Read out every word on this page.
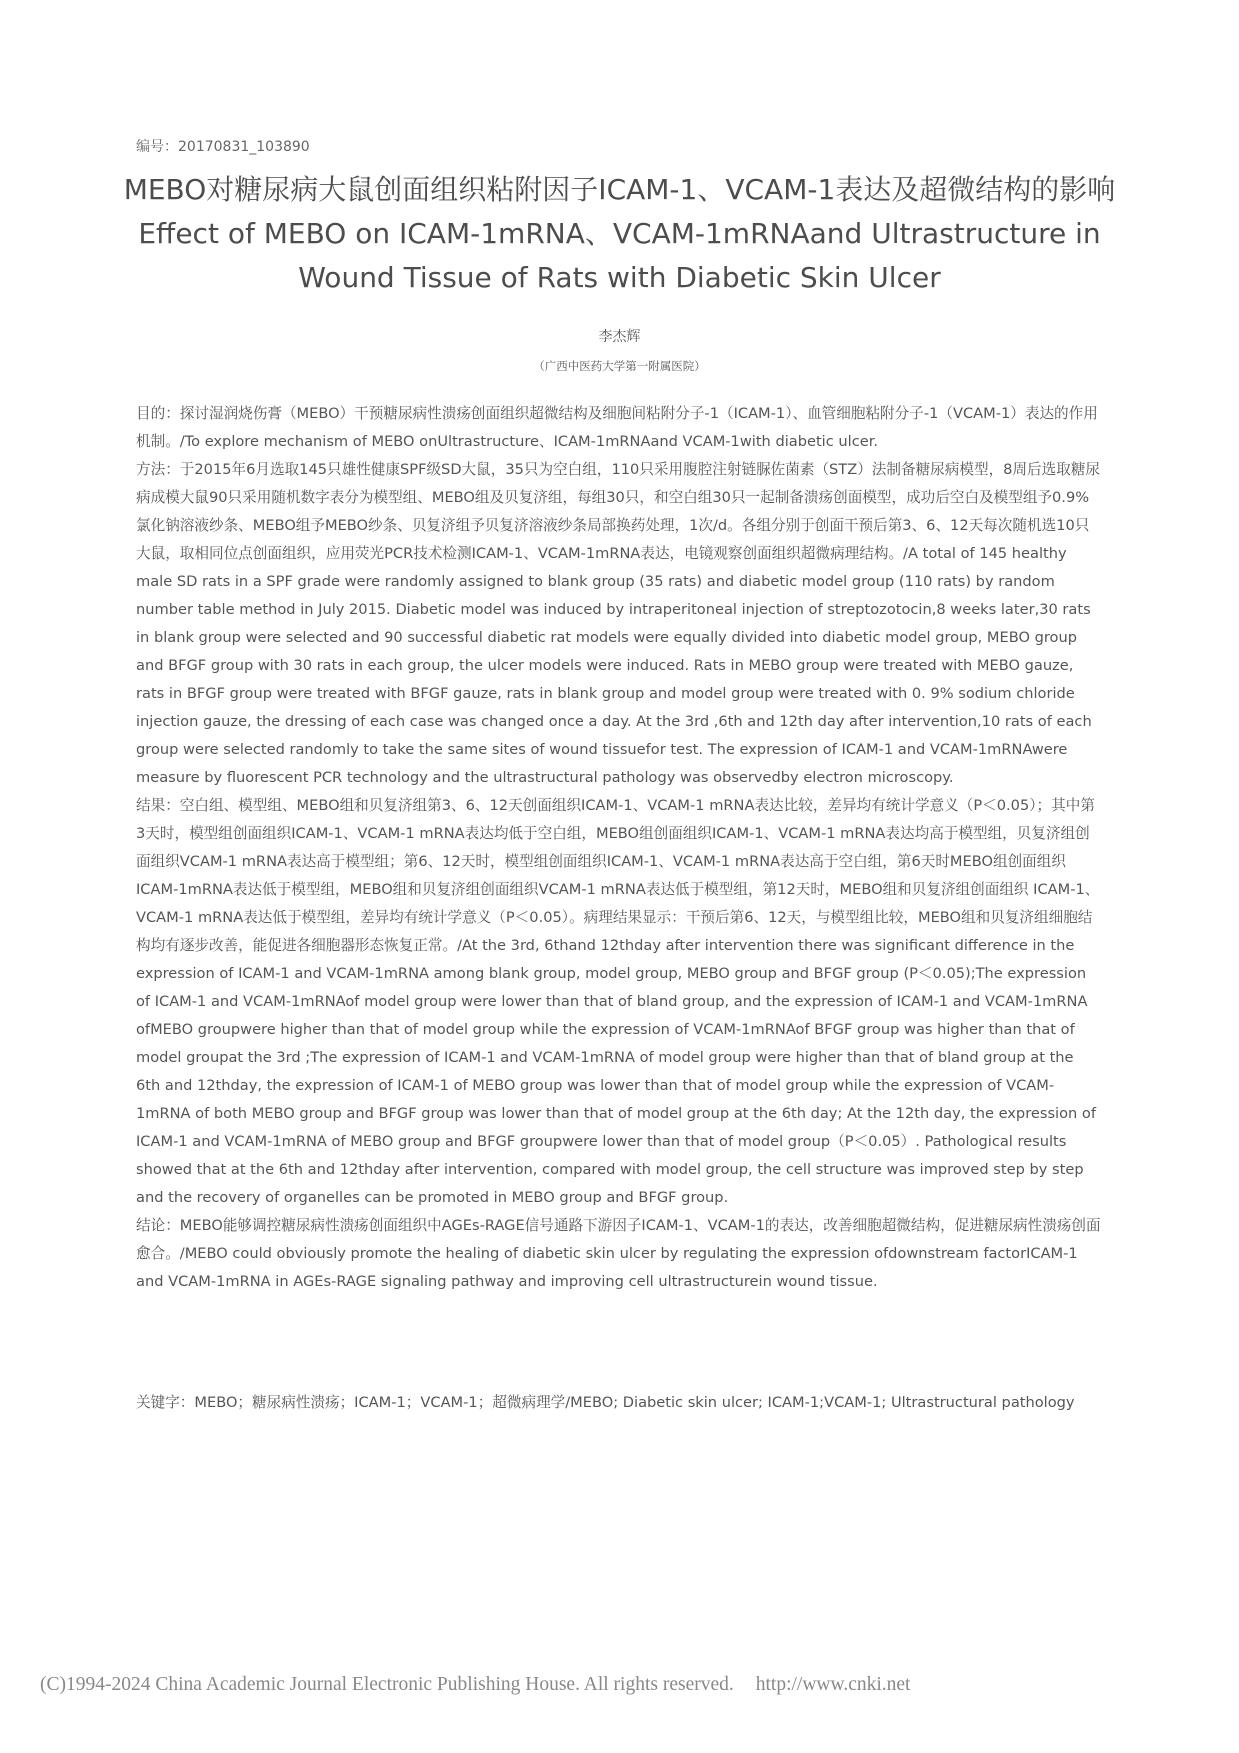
编号：20170831_103890
MEBO对糖尿病大鼠创面组织粘附因子ICAM-1、VCAM-1表达及超微结构的影响 Effect of MEBO on ICAM-1mRNA、VCAM-1mRNAand Ultrastructure in Wound Tissue of Rats with Diabetic Skin Ulcer
李杰辉
（广西中医药大学第一附属医院）

目的：探讨湿润烧伤膏（MEBO）干预糖尿病性溃疡创面组织超微结构及细胞间粘附分子-1（ICAM-1）、血管细胞粘附分子-1（VCAM-1）表达的作用机制。/To explore mechanism of MEBO onUltrastructure、ICAM-1mRNAand VCAM-1with diabetic ulcer.

方法：于2015年6月选取145只雄性健康SPF级SD大鼠，35只为空白组，110只采用腹腔注射链脲佐菌素（STZ）法制备糖尿病模型，8周后选取糖尿病成模大鼠90只采用随机数字表分为模型组、MEBO组及贝复济组，每组30只，和空白组30只一起制备溃疡创面模型，成功后空白及模型组予0.9%氯化钠溶液纱条、MEBO组予MEBO纱条、贝复济组予贝复济溶液纱条局部换药处理，1次/d。各组分别于创面干预后第3、6、12天每次随机选10只大鼠，取相同位点创面组织，应用荧光PCR技术检测ICAM-1、VCAM-1mRNA表达，电镜观察创面组织超微病理结构。/A total of 145 healthy male SD rats in a SPF grade were randomly assigned to blank group (35 rats) and diabetic model group (110 rats) by random number table method in July 2015. Diabetic model was induced by intraperitoneal injection of streptozotocin,8 weeks later,30 rats in blank group were selected and 90 successful diabetic rat models were equally divided into diabetic model group, MEBO group and BFGF group with 30 rats in each group, the ulcer models were induced. Rats in MEBO group were treated with MEBO gauze, rats in BFGF group were treated with BFGF gauze, rats in blank group and model group were treated with 0. 9% sodium chloride injection gauze, the dressing of each case was changed once a day. At the 3rd ,6th and 12th day after intervention,10 rats of each group were selected randomly to take the same sites of wound tissuefor test. The expression of ICAM-1 and VCAM-1mRNAwere measure by fluorescent PCR technology and the ultrastructural pathology was observedby electron microscopy.

结果：空白组、模型组、MEBO组和贝复济组第3、6、12天创面组织ICAM-1、VCAM-1 mRNA表达比较，差异均有统计学意义（P＜0.05）；其中第3天时，模型组创面组织ICAM-1、VCAM-1 mRNA表达均低于空白组，MEBO组创面组织ICAM-1、VCAM-1 mRNA表达均高于模型组，贝复济组创面组织VCAM-1 mRNA表达高于模型组；第6、12天时，模型组创面组织ICAM-1、VCAM-1 mRNA表达高于空白组，第6天时MEBO组创面组织ICAM-1mRNA表达低于模型组，MEBO组和贝复济组创面组织VCAM-1 mRNA表达低于模型组，第12天时，MEBO组和贝复济组创面组织 ICAM-1、VCAM-1 mRNA表达低于模型组，差异均有统计学意义（P＜0.05）。病理结果显示：干预后第6、12天，与模型组比较，MEBO组和贝复济组细胞结构均有逐步改善，能促进各细胞器形态恢复正常。/At the 3rd, 6thand 12thday after intervention there was significant difference in the expression of ICAM-1 and VCAM-1mRNA among blank group, model group, MEBO group and BFGF group (P＜0.05);The expression of ICAM-1 and VCAM-1mRNAof model group were lower than that of bland group, and the expression of ICAM-1 and VCAM-1mRNA ofMEBO groupwere higher than that of model group while the expression of VCAM-1mRNAof BFGF group was higher than that of model groupat the 3rd ;The expression of ICAM-1 and VCAM-1mRNA of model group were higher than that of bland group at the 6th and 12thday, the expression of ICAM-1 of MEBO group was lower than that of model group while the expression of VCAM-1mRNA of both MEBO group and BFGF group was lower than that of model group at the 6th day; At the 12th day, the expression of ICAM-1 and VCAM-1mRNA of MEBO group and BFGF groupwere lower than that of model group（P＜0.05）. Pathological results showed that at the 6th and 12thday after intervention, compared with model group, the cell structure was improved step by step and the recovery of organelles can be promoted in MEBO group and BFGF group.

结论：MEBO能够调控糖尿病性溃疡创面组织中AGEs-RAGE信号通路下游因子ICAM-1、VCAM-1的表达，改善细胞超微结构，促进糖尿病性溃疡创面愈合。/MEBO could obviously promote the healing of diabetic skin ulcer by regulating the expression ofdownstream factorICAM-1 and VCAM-1mRNA in AGEs-RAGE signaling pathway and improving cell ultrastructurein wound tissue.

关键字：MEBO；糖尿病性溃疡；ICAM-1；VCAM-1；超微病理学/MEBO; Diabetic skin ulcer; ICAM-1;VCAM-1; Ultrastructural pathology
(C)1994-2024 China Academic Journal Electronic Publishing House. All rights reserved. http://www.cnki.net
